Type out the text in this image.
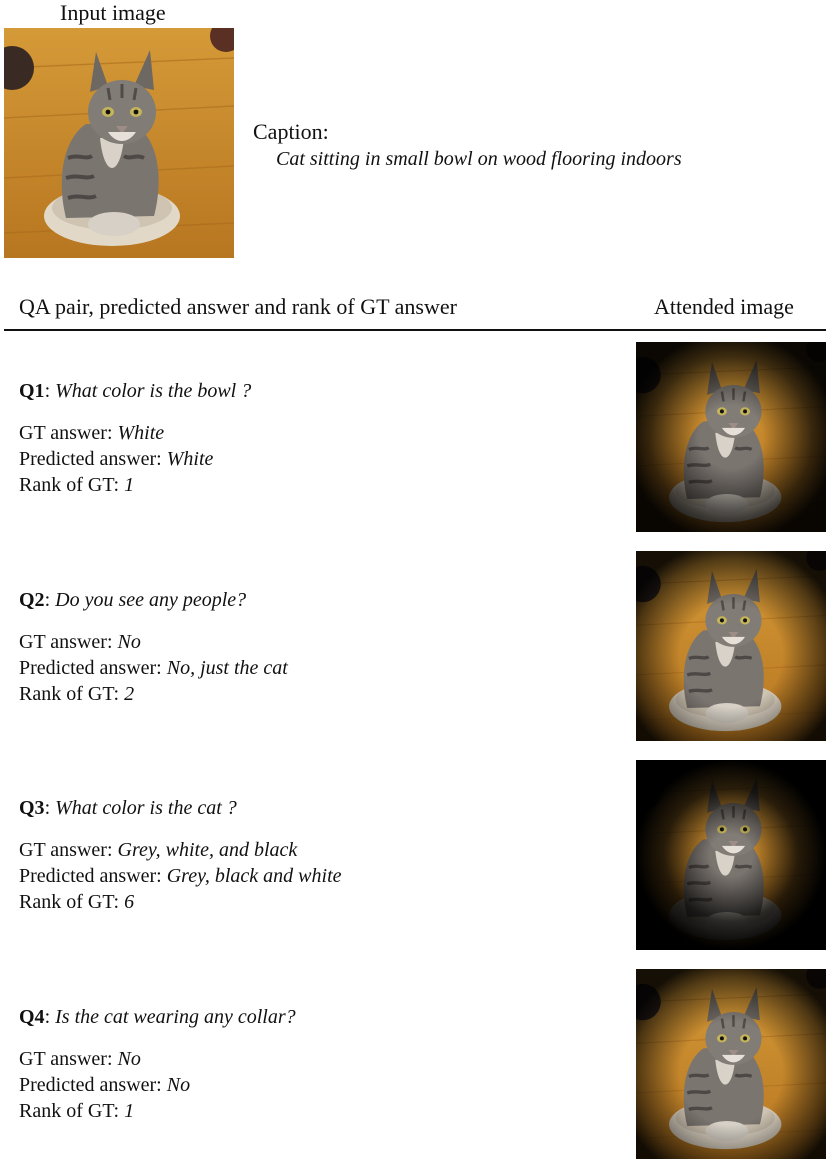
Input image
Caption:
Cat sitting in small bowl on wood flooring indoors
QA pair, predicted answer and rank of GT answer	Attended image
Q1: What color is the bowl ?
GT answer: White
Predicted answer: White
Rank of GT: 1
Q2: Do you see any people?
GT answer: No
Predicted answer: No, just the cat
Rank of GT: 2
Q3: What color is the cat ?
GT answer: Grey, white, and black
Predicted answer: Grey, black and white
Rank of GT: 6
Q4: Is the cat wearing any collar?
GT answer: No
Predicted answer: No
Rank of GT: 1
